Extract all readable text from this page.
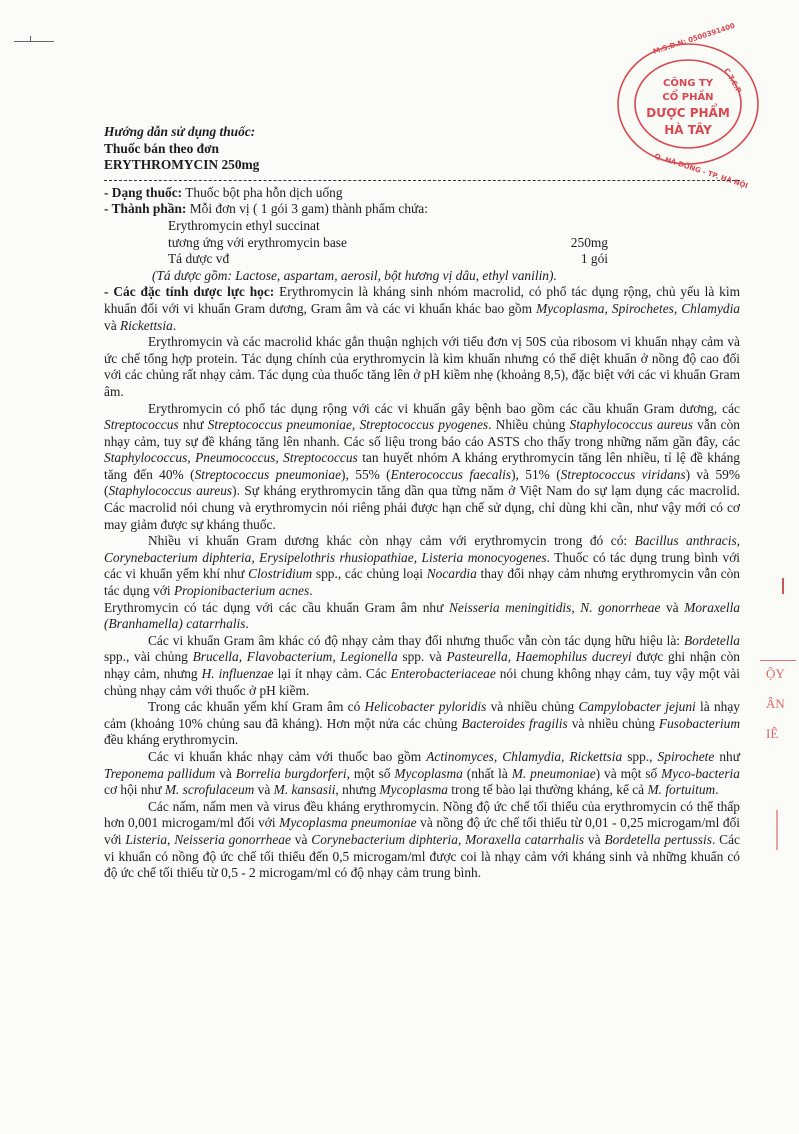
ỘY
ÂN
IÊ
CÔNG TY
CỔ PHẦN
DƯỢC PHẨM
HÀ TÂY
M.S.D.N: 0500391400
C.T.C.P
Q. HÀ ĐÔNG - TP. HÀ NỘI

Hướng dẫn sử dụng thuốc:

Thuốc bán theo đơn

ERYTHROMYCIN 250mg

- Dạng thuốc: Thuốc bột pha hỗn dịch uống

- Thành phần: Mỗi đơn vị ( 1 gói 3 gam) thành phẩm chứa:

Erythromycin ethyl succinat

tương ứng với erythromycin base	250mg
Tá dược vđ	1 gói

(Tá dược gồm: Lactose, aspartam, aerosil, bột hương vị dâu, ethyl vanilin).

- Các đặc tính dược lực học: Erythromycin là kháng sinh nhóm macrolid, có phổ tác dụng rộng, chủ yếu là kìm khuẩn đối với vi khuẩn Gram dương, Gram âm và các vi khuẩn khác bao gồm Mycoplasma, Spirochetes, Chlamydia và Rickettsia.

Erythromycin và các macrolid khác gắn thuận nghịch với tiểu đơn vị 50S của ribosom vi khuẩn nhạy cảm và ức chế tổng hợp protein. Tác dụng chính của erythromycin là kìm khuẩn nhưng có thể diệt khuẩn ở nồng độ cao đối với các chủng rất nhạy cảm. Tác dụng của thuốc tăng lên ở pH kiềm nhẹ (khoảng 8,5), đặc biệt với các vi khuẩn Gram âm.

Erythromycin có phổ tác dụng rộng với các vi khuẩn gây bệnh bao gồm các cầu khuẩn Gram dương, các Streptococcus như Streptococcus pneumoniae, Streptococcus pyogenes. Nhiều chủng Staphylococcus aureus vẫn còn nhạy cảm, tuy sự đề kháng tăng lên nhanh. Các số liệu trong báo cáo ASTS cho thấy trong những năm gần đây, các Staphylococcus, Pneumococcus, Streptococcus tan huyết nhóm A kháng erythromycin tăng lên nhiều, tỉ lệ đề kháng tăng đến 40% (Streptococcus pneumoniae), 55% (Enterococcus faecalis), 51% (Streptococcus viridans) và 59% (Staphylococcus aureus). Sự kháng erythromycin tăng dần qua từng năm ở Việt Nam do sự lạm dụng các macrolid. Các macrolid nói chung và erythromycin nói riêng phải được hạn chế sử dụng, chỉ dùng khi cần, như vậy mới có cơ may giảm được sự kháng thuốc.

Nhiều vi khuẩn Gram dương khác còn nhạy cảm với erythromycin trong đó có: Bacillus anthracis, Corynebacterium diphteria, Erysipelothris rhusiopathiae, Listeria monocyogenes. Thuốc có tác dụng trung bình với các vi khuẩn yếm khí như Clostridium spp., các chủng loại Nocardia thay đổi nhạy cảm nhưng erythromycin vẫn còn tác dụng với Propionibacterium acnes.

Erythromycin có tác dụng với các cầu khuẩn Gram âm như Neisseria meningitidis, N. gonorrheae và Moraxella (Branhamella) catarrhalis.

Các vi khuẩn Gram âm khác có độ nhạy cảm thay đổi nhưng thuốc vẫn còn tác dụng hữu hiệu là: Bordetella spp., vài chủng Brucella, Flavobacterium, Legionella spp. và Pasteurella, Haemophilus ducreyi được ghi nhận còn nhạy cảm, nhưng H. influenzae lại ít nhạy cảm. Các Enterobacteriaceae nói chung không nhạy cảm, tuy vậy một vài chủng nhạy cảm với thuốc ở pH kiềm.

Trong các khuẩn yếm khí Gram âm có Helicobacter pyloridis và nhiều chủng Campylobacter jejuni là nhạy cảm (khoảng 10% chủng sau đã kháng). Hơn một nửa các chủng Bacteroides fragilis và nhiều chủng Fusobacterium đều kháng erythromycin.

Các vi khuẩn khác nhạy cảm với thuốc bao gồm Actinomyces, Chlamydia, Rickettsia spp., Spirochete như Treponema pallidum và Borrelia burgdorferi, một số Mycoplasma (nhất là M. pneumoniae) và một số Myco-bacteria cơ hội như M. scrofulaceum và M. kansasii, nhưng Mycoplasma trong tế bào lại thường kháng, kể cả M. fortuitum.

Các nấm, nấm men và virus đều kháng erythromycin. Nồng độ ức chế tối thiểu của erythromycin có thể thấp hơn 0,001 microgam/ml đối với Mycoplasma pneumoniae và nồng độ ức chế tối thiểu từ 0,01 - 0,25 microgam/ml đối với Listeria, Neisseria gonorrheae và Corynebacterium diphteria, Moraxella catarrhalis và Bordetella pertussis. Các vi khuẩn có nồng độ ức chế tối thiểu đến 0,5 microgam/ml được coi là nhạy cảm với kháng sinh và những khuẩn có độ ức chế tối thiểu từ 0,5 - 2 microgam/ml có độ nhạy cảm trung bình.
